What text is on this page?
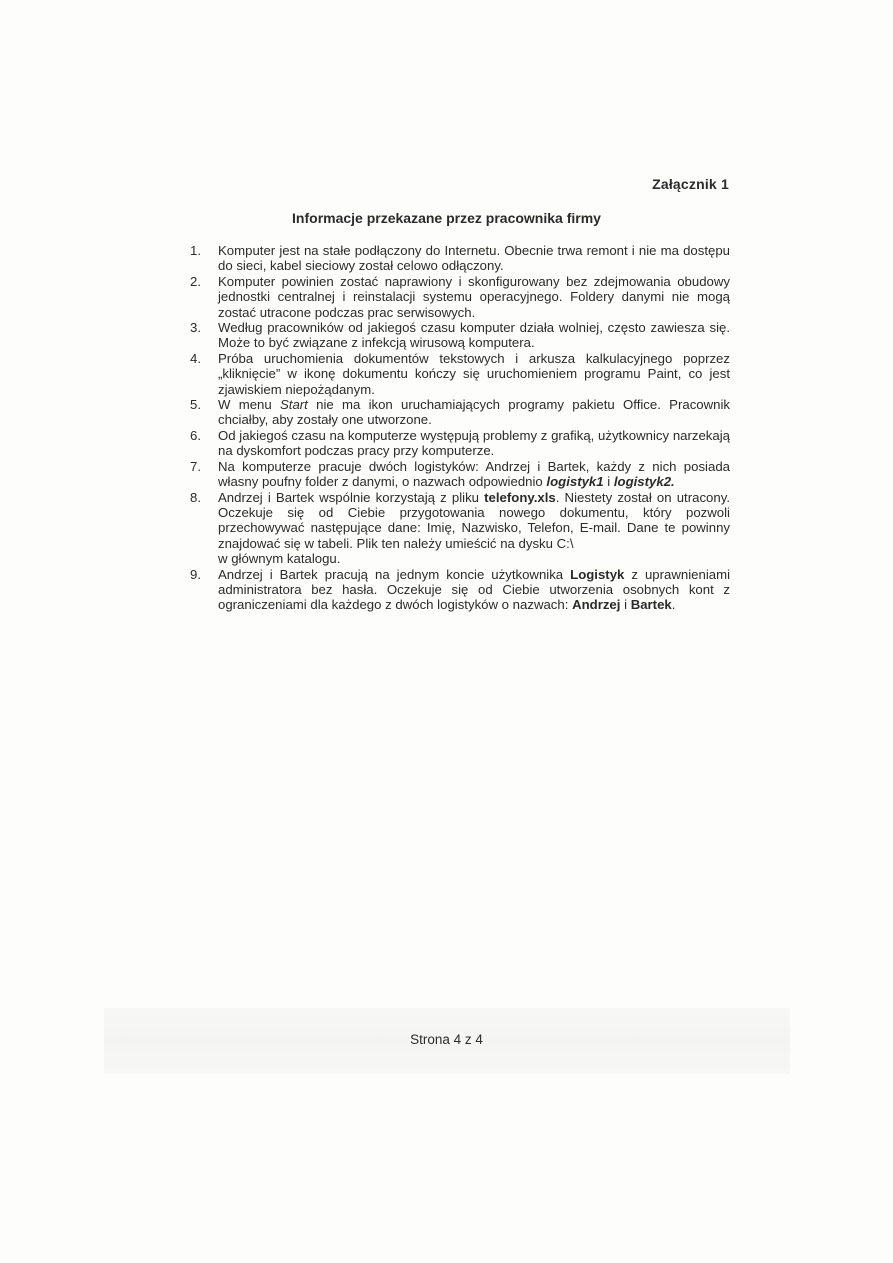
Załącznik 1
Informacje przekazane przez pracownika firmy
1. Komputer jest na stałe podłączony do Internetu. Obecnie trwa remont i nie ma dostępu do sieci, kabel sieciowy został celowo odłączony.
2. Komputer powinien zostać naprawiony i skonfigurowany bez zdejmowania obudowy jednostki centralnej i reinstalacji systemu operacyjnego. Foldery danymi nie mogą zostać utracone podczas prac serwisowych.
3. Według pracowników od jakiegoś czasu komputer działa wolniej, często zawiesza się. Może to być związane z infekcją wirusową komputera.
4. Próba uruchomienia dokumentów tekstowych i arkusza kalkulacyjnego poprzez „kliknięcie” w ikonę dokumentu kończy się uruchomieniem programu Paint, co jest zjawiskiem niepożądanym.
5. W menu Start nie ma ikon uruchamiających programy pakietu Office. Pracownik chciałby, aby zostały one utworzone.
6. Od jakiegoś czasu na komputerze występują problemy z grafiką, użytkownicy narzekają na dyskomfort podczas pracy przy komputerze.
7. Na komputerze pracuje dwóch logistyków: Andrzej i Bartek, każdy z nich posiada własny poufny folder z danymi, o nazwach odpowiednio logistyk1 i logistyk2.
8. Andrzej i Bartek wspólnie korzystają z pliku telefony.xls. Niestety został on utracony. Oczekuje się od Ciebie przygotowania nowego dokumentu, który pozwoli przechowywać następujące dane: Imię, Nazwisko, Telefon, E-mail. Dane te powinny znajdować się w tabeli. Plik ten należy umieścić na dysku C:\
w głównym katalogu.
9. Andrzej i Bartek pracują na jednym koncie użytkownika Logistyk z uprawnieniami administratora bez hasła. Oczekuje się od Ciebie utworzenia osobnych kont z ograniczeniami dla każdego z dwóch logistyków o nazwach: Andrzej i Bartek.
Strona 4 z 4
